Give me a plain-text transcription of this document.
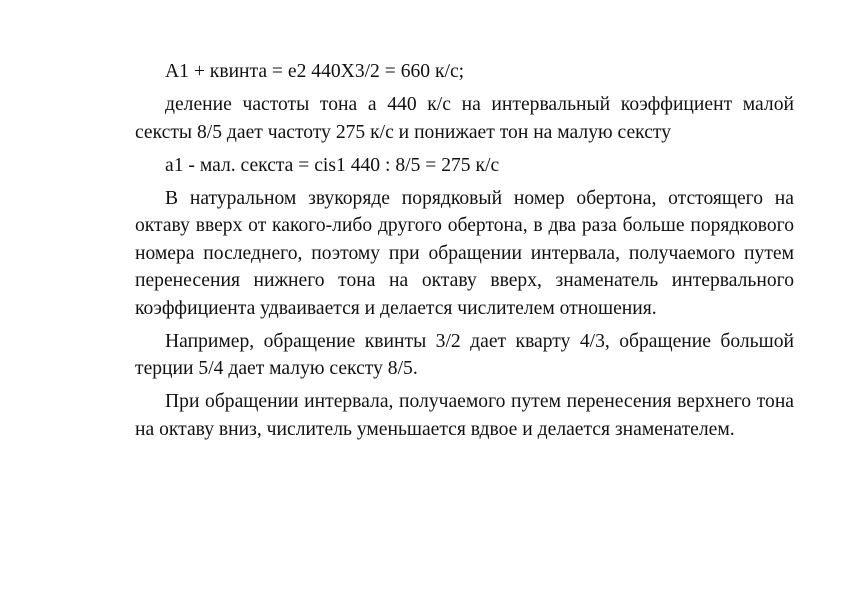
А1 + квинта = е2 440Х3/2 = 660 к/с;

деление частоты тона а 440 к/с на интервальный коэффициент малой сексты 8/5 дает частоту 275 к/с и понижает тон на малую сексту

а1 - мал. секста = cis1 440 : 8/5 = 275 к/с

В натуральном звукоряде порядковый номер обертона, отстоящего на октаву вверх от какого-либо другого обертона, в два раза больше порядкового номера последнего, поэтому при обращении интервала, получаемого путем перенесения нижнего тона на октаву вверх, знаменатель интервального коэффициента удваивается и делается числителем отношения.

Например, обращение квинты 3/2 дает кварту 4/3, обращение большой терции 5/4 дает малую сексту 8/5.

При обращении интервала, получаемого путем перенесения верхнего тона на октаву вниз, числитель уменьшается вдвое и делается знаменателем.
